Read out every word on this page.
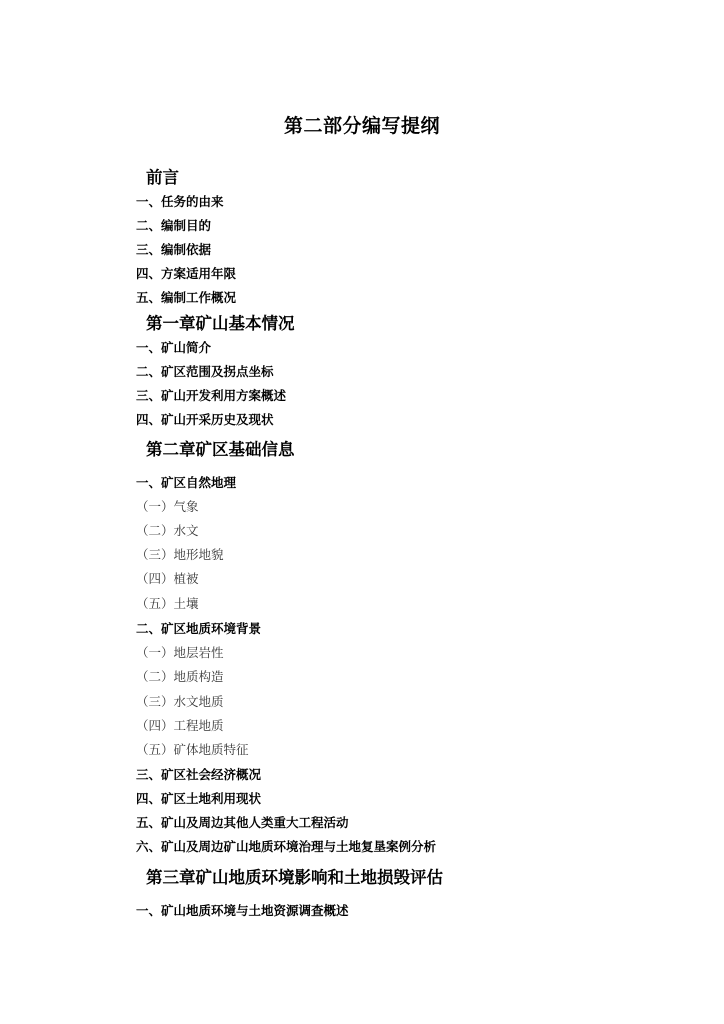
第二部分编写提纲
前言
一、任务的由来
二、编制目的
三、编制依据
四、方案适用年限
五、编制工作概况
第一章矿山基本情况
一、矿山简介
二、矿区范围及拐点坐标
三、矿山开发利用方案概述
四、矿山开采历史及现状
第二章矿区基础信息
一、矿区自然地理
（一）气象
（二）水文
（三）地形地貌
（四）植被
（五）土壤
二、矿区地质环境背景
（一）地层岩性
（二）地质构造
（三）水文地质
（四）工程地质
（五）矿体地质特征
三、矿区社会经济概况
四、矿区土地利用现状
五、矿山及周边其他人类重大工程活动
六、矿山及周边矿山地质环境治理与土地复垦案例分析
第三章矿山地质环境影响和土地损毁评估
一、矿山地质环境与土地资源调查概述
